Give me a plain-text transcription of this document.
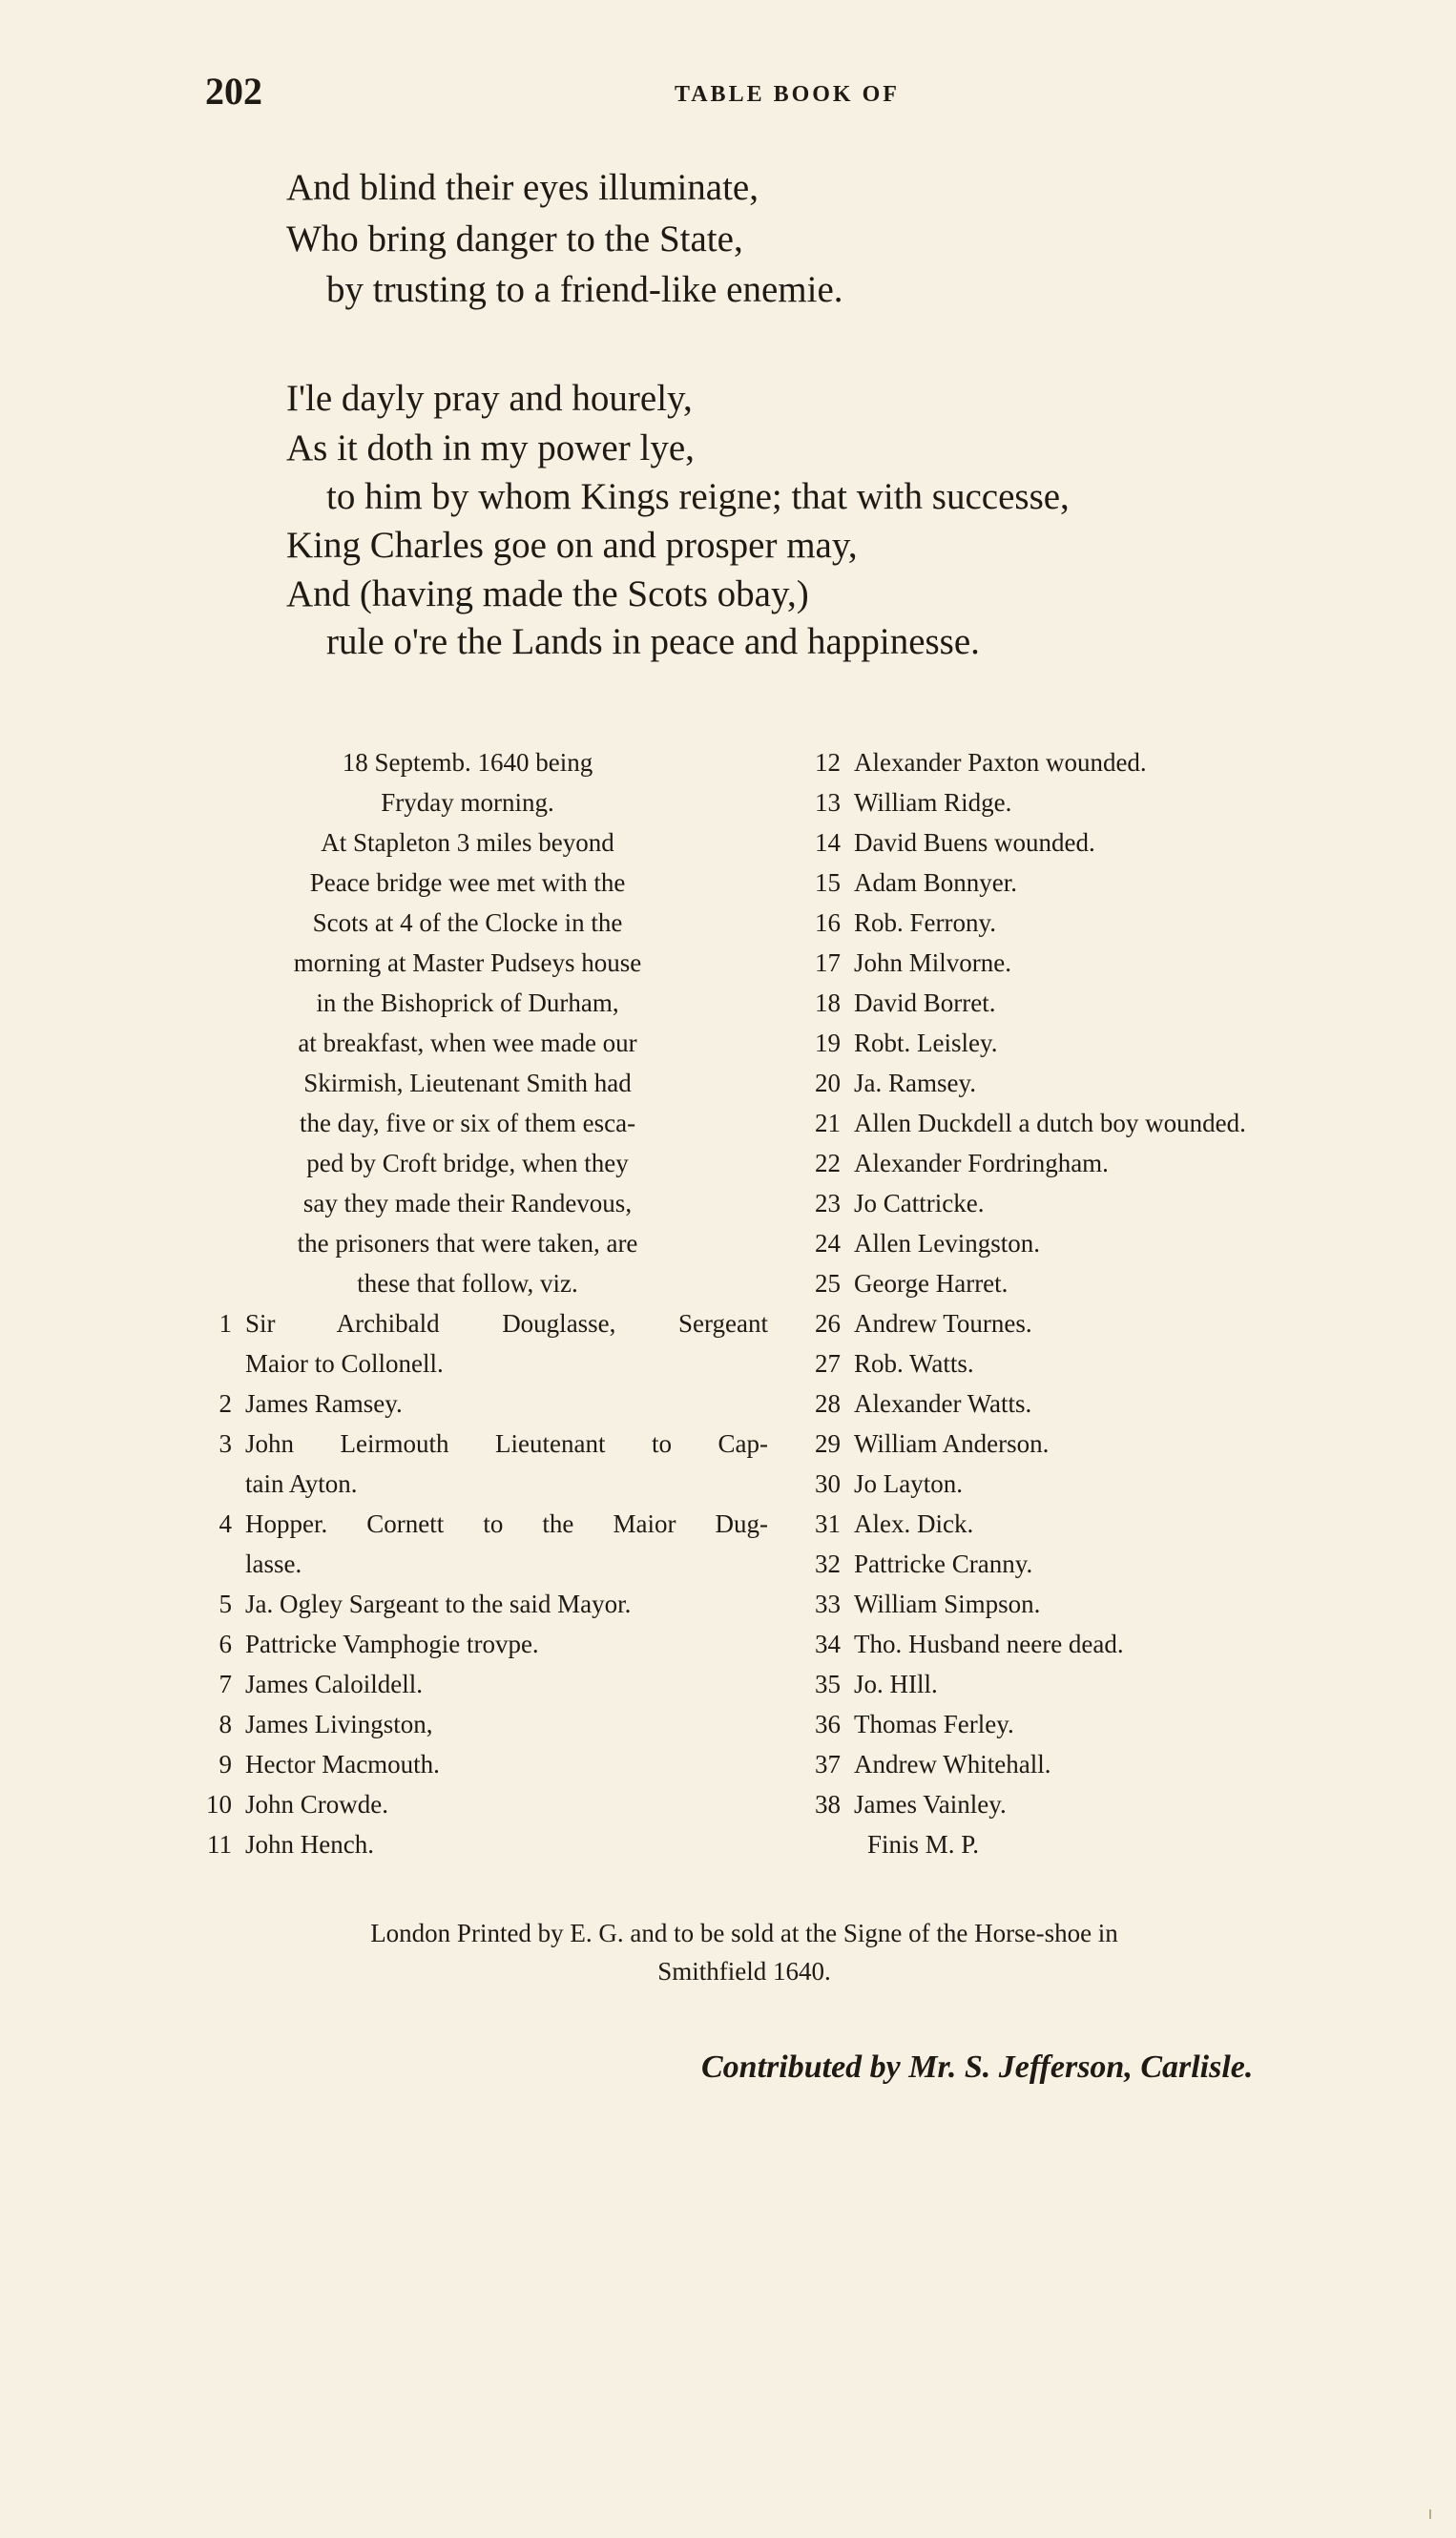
202	TABLE BOOK OF
And blind their eyes illuminate,
Who bring danger to the State,
by trusting to a friend-like enemie.
I'le dayly pray and hourely,
As it doth in my power lye,
to him by whom Kings reigne; that with successe,
King Charles goe on and prosper may,
And (having made the Scots obay,)
rule o're the Lands in peace and happinesse.
18 Septemb. 1640 being
Fryday morning.
At Stapleton 3 miles beyond
Peace bridge wee met with the
Scots at 4 of the Clocke in the
morning at Master Pudseys house
in the Bishoprick of Durham,
at breakfast, when wee made our
Skirmish, Lieutenant Smith had
the day, five or six of them esca-
ped by Croft bridge, when they
say they made their Randevous,
the prisoners that were taken, are
these that follow, viz.
1 Sir Archibald Douglasse, Sergeant
Maior to Collonell.
2 James Ramsey.
3 John Leirmouth Lieutenant to Cap-
tain Ayton.
4 Hopper. Cornett to the Maior Dug-
lasse.
5 Ja. Ogley Sargeant to the said Mayor.
6 Pattricke Vamphogie trovpe.
7 James Caloildell.
8 James Livingston,
9 Hector Macmouth.
10 John Crowde.
11 John Hench.
12 Alexander Paxton wounded.
13 William Ridge.
14 David Buens wounded.
15 Adam Bonnyer.
16 Rob. Ferrony.
17 John Milvorne.
18 David Borret.
19 Robt. Leisley.
20 Ja. Ramsey.
21 Allen Duckdell a dutch boy wounded.
22 Alexander Fordringham.
23 Jo Cattricke.
24 Allen Levingston.
25 George Harret.
26 Andrew Tournes.
27 Rob. Watts.
28 Alexander Watts.
29 William Anderson.
30 Jo Layton.
31 Alex. Dick.
32 Pattricke Cranny.
33 William Simpson.
34 Tho. Husband neere dead.
35 Jo. HIll.
36 Thomas Ferley.
37 Andrew Whitehall.
38 James Vainley.
Finis M. P.
London Printed by E. G. and to be sold at the Signe of the Horse-shoe in
Smithfield 1640.
Contributed by Mr. S. Jefferson, Carlisle.
